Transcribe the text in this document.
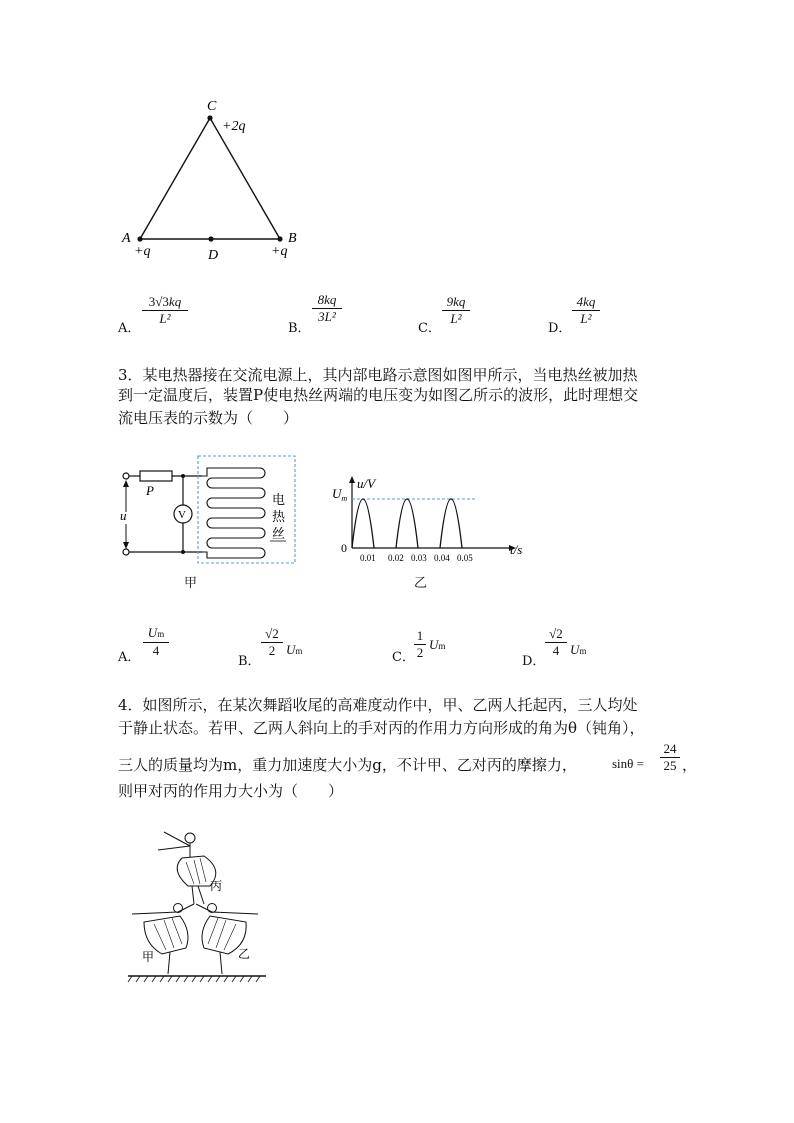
C
+2q
A
+q
B
+q
D
A．
3√3kq
L²
B．
8kq
3L²
C．
9kq
L²
D．
4kq
L²
3．某电热器接在交流电源上，其内部电路示意图如图甲所示，当电热丝被加热
到一定温度后，装置P使电热丝两端的电压变为如图乙所示的波形，此时理想交
流电压表的示数为（　　）
P
V
u
电
热
丝
甲
u/V
$U_m$
0	t/s
0.01 0.02 0.03 0.04 0.05
乙
A．
Um
4
B．
√2
2 Um	C．
1
2
Um
D．
√2
4 Um
4．如图所示，在某次舞蹈收尾的高难度动作中，甲、乙两人托起丙，三人均处
于静止状态。若甲、乙两人斜向上的手对丙的作用力方向形成的角为θ（钝角），
三人的质量均为m，重力加速度大小为g，不计甲、乙对丙的摩擦力，	sinθ =
24
25 ，
则甲对丙的作用力大小为（　　）
丙
甲	乙
